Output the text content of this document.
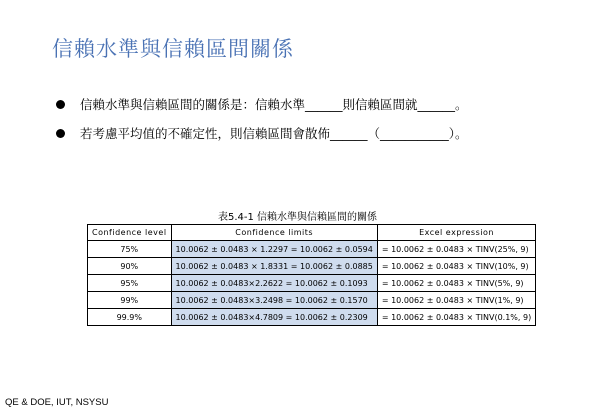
信賴水準與信賴區間關係
信賴水準與信賴區間的關係是：信賴水準______則信賴區間就______。
若考慮平均值的不確定性，則信賴區間會散佈______（___________）。
表5.4-1 信賴水準與信賴區間的關係
Confidence level	Confidence limits	Excel expression
75%	10.0062 ± 0.0483 × 1.2297 = 10.0062 ± 0.0594	= 10.0062 ± 0.0483 × TINV(25%, 9)
90%	10.0062 ± 0.0483 × 1.8331 = 10.0062 ± 0.0885	= 10.0062 ± 0.0483 × TINV(10%, 9)
95%	10.0062 ± 0.0483×2.2622 = 10.0062 ± 0.1093	= 10.0062 ± 0.0483 × TINV(5%, 9)
99%	10.0062 ± 0.0483×3.2498 = 10.0062 ± 0.1570	= 10.0062 ± 0.0483 × TINV(1%, 9)
99.9%	10.0062 ± 0.0483×4.7809 = 10.0062 ± 0.2309	= 10.0062 ± 0.0483 × TINV(0.1%, 9)
QE & DOE, IUT, NSYSU
